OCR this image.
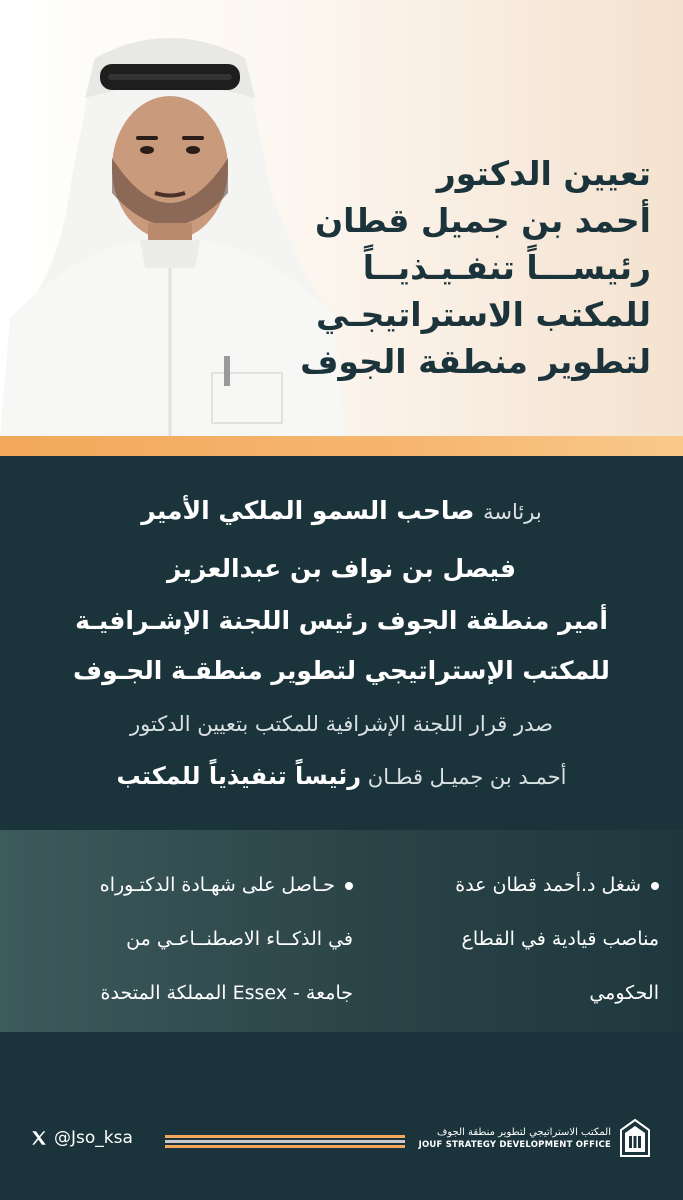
تعيين الدكتور
أحمد بن جميل قطان
رئيســـاً تنفـيـذيــاً
للمكتب الاستراتيجـي
لتطوير منطقة الجوف
برئاسة صاحب السمو الملكي الأمير
فيصل بن نواف بن عبدالعزيز
أمير منطقة الجوف رئيس اللجنة الإشـرافيـة
للمكتب الإستراتيجي لتطوير منطقـة الجـوف
صدر قرار اللجنة الإشرافية للمكتب بتعيين الدكتور
أحمـد بن جميـل قطـان رئيساً تنفيذياً للمكتب
شغل د.أحمد قطان عدة
مناصب قيادية في القطاع
الحكومي
حـاصل على شهـادة الدكتـوراه
في الذكــاء الاصطنــاعـي من
جامعة - Essex المملكة المتحدة
@Jso_ksa	المكتب الاستراتيجي لتطوير منطقة الجوف
JOUF STRATEGY DEVELOPMENT OFFICE
